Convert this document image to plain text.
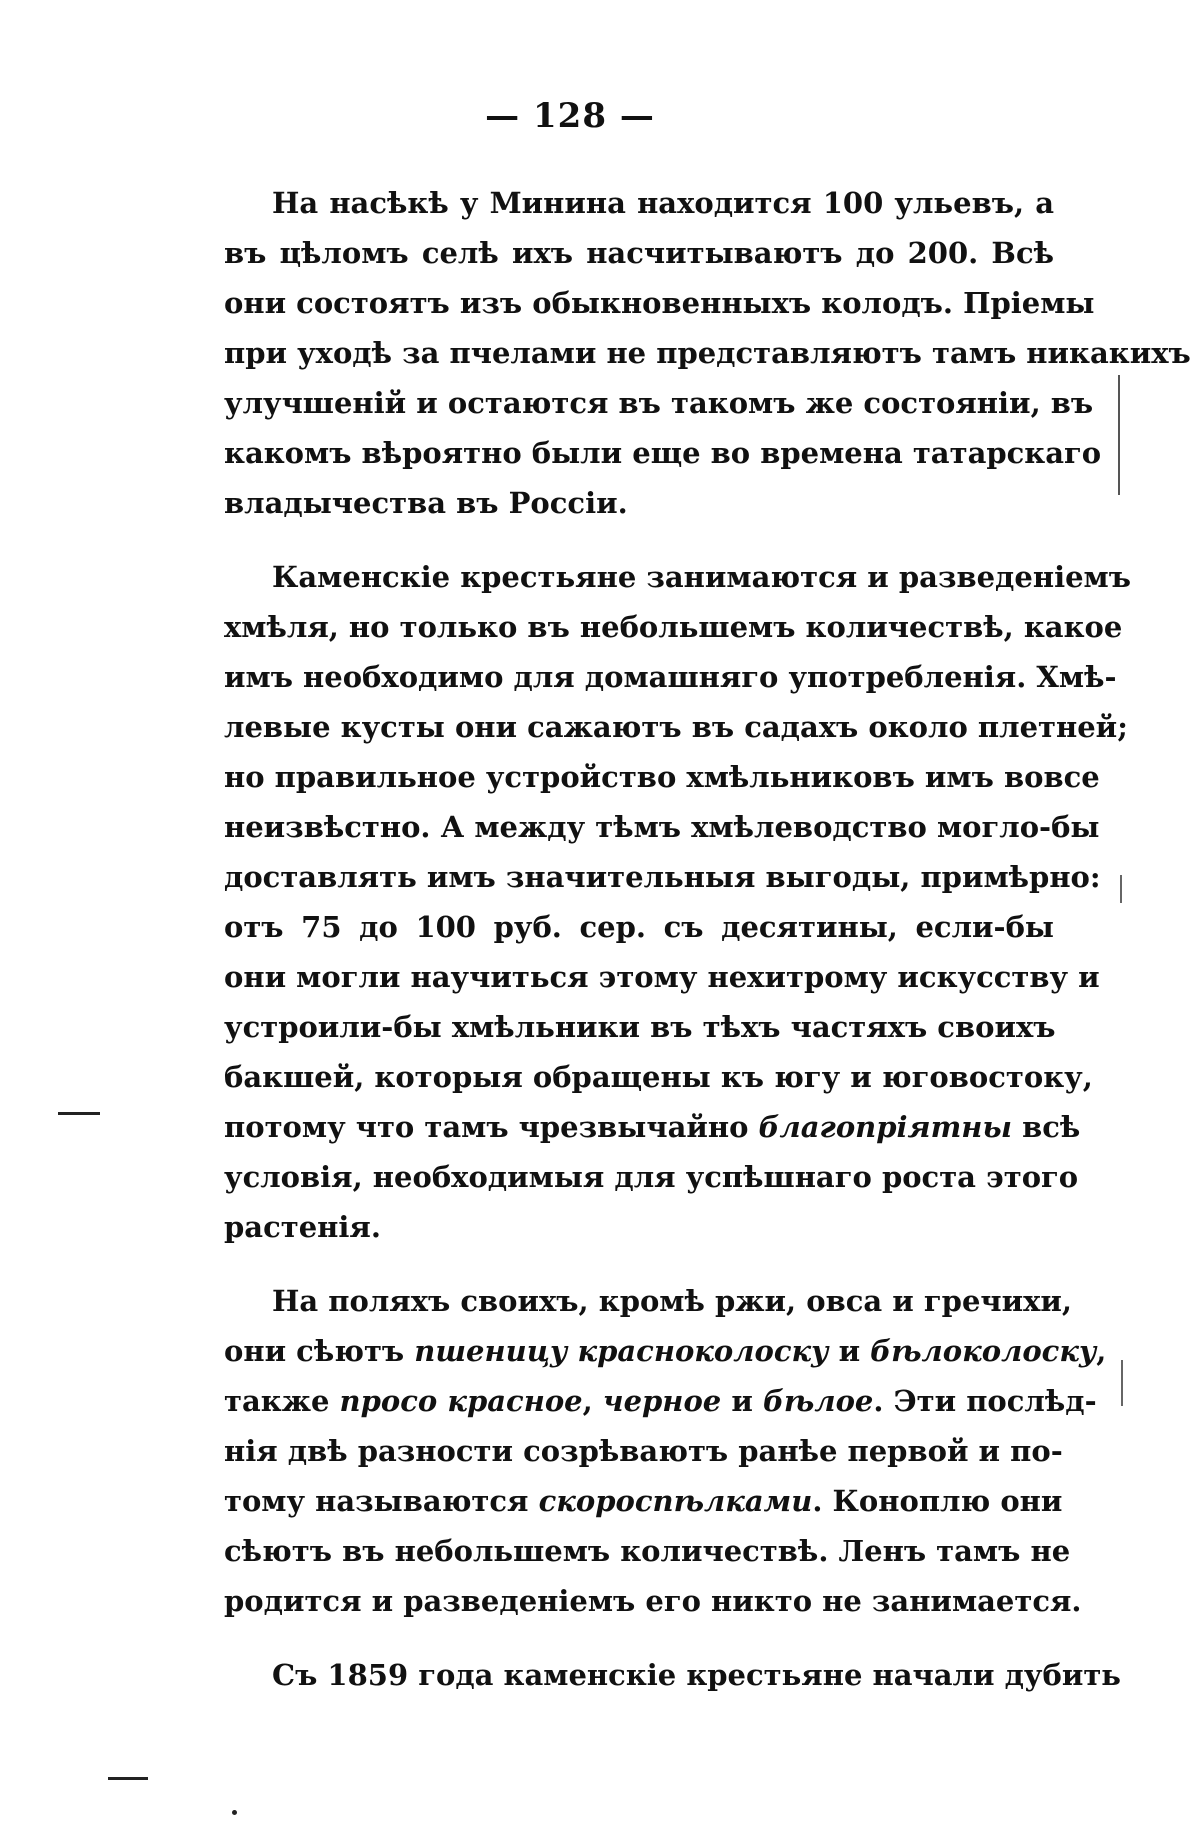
— 128 —

На насѣкѣ у Минина находится 100 ульевъ, а
въ цѣломъ селѣ ихъ насчитываютъ до 200. Всѣ
они состоятъ изъ обыкновенныхъ колодъ. Пріемы
при уходѣ за пчелами не представляютъ тамъ никакихъ
улучшеній и остаются въ такомъ же состояніи, въ
какомъ вѣроятно были еще во времена татарскаго
владычества въ Россіи.

Каменскіе крестьяне занимаются и разведеніемъ
хмѣля, но только въ небольшемъ количествѣ, какое
имъ необходимо для домашняго употребленія. Хмѣ-
левые кусты они сажаютъ въ садахъ около плетней;
но правильное устройство хмѣльниковъ имъ вовсе
неизвѣстно. А между тѣмъ хмѣлеводство могло-бы
доставлять имъ значительныя выгоды, примѣрно:
отъ 75 до 100 руб. сер. съ десятины, если-бы
они могли научиться этому нехитрому искусству и
устроили-бы хмѣльники въ тѣхъ частяхъ своихъ
бакшей, которыя обращены къ югу и юговостоку,
потому что тамъ чрезвычайно благопріятны всѣ
условія, необходимыя для успѣшнаго роста этого
растенія.

На поляхъ своихъ, кромѣ ржи, овса и гречихи,
они сѣютъ пшеницу красноколоску и бѣлоколоску,
также просо красное, черное и бѣлое. Эти послѣд-
нія двѣ разности созрѣваютъ ранѣе первой и по-
тому называются скороспѣлками. Коноплю они
сѣютъ въ небольшемъ количествѣ. Ленъ тамъ не
родится и разведеніемъ его никто не занимается.

Съ 1859 года каменскіе крестьяне начали дубить
